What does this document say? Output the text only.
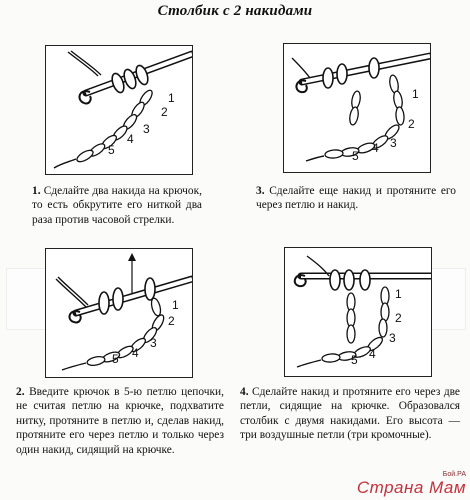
Столбик с 2 накидами
1
2
3
4
5
1
2
3
4
5
1
2
3
4
5
1
2
3
4
5
1. Сделайте два накида на крючок, то есть обкрутите его ниткой два раза против часовой стрелки.
3. Сделайте еще накид и протяните его через петлю и накид.
2. Введите крючок в 5-ю петлю цепочки, не считая петлю на крючке, подхватите нитку, протяните в петлю и, сделав накид, протяните его через петлю и только через один накид, сидящий на крючке.
4. Сделайте накид и протяните его через две петли, сидящие на крючке. Образовался столбик с двумя накидами. Его высота — три воздушные петли (три кромочные).
Бой.РА
Страна Мам
